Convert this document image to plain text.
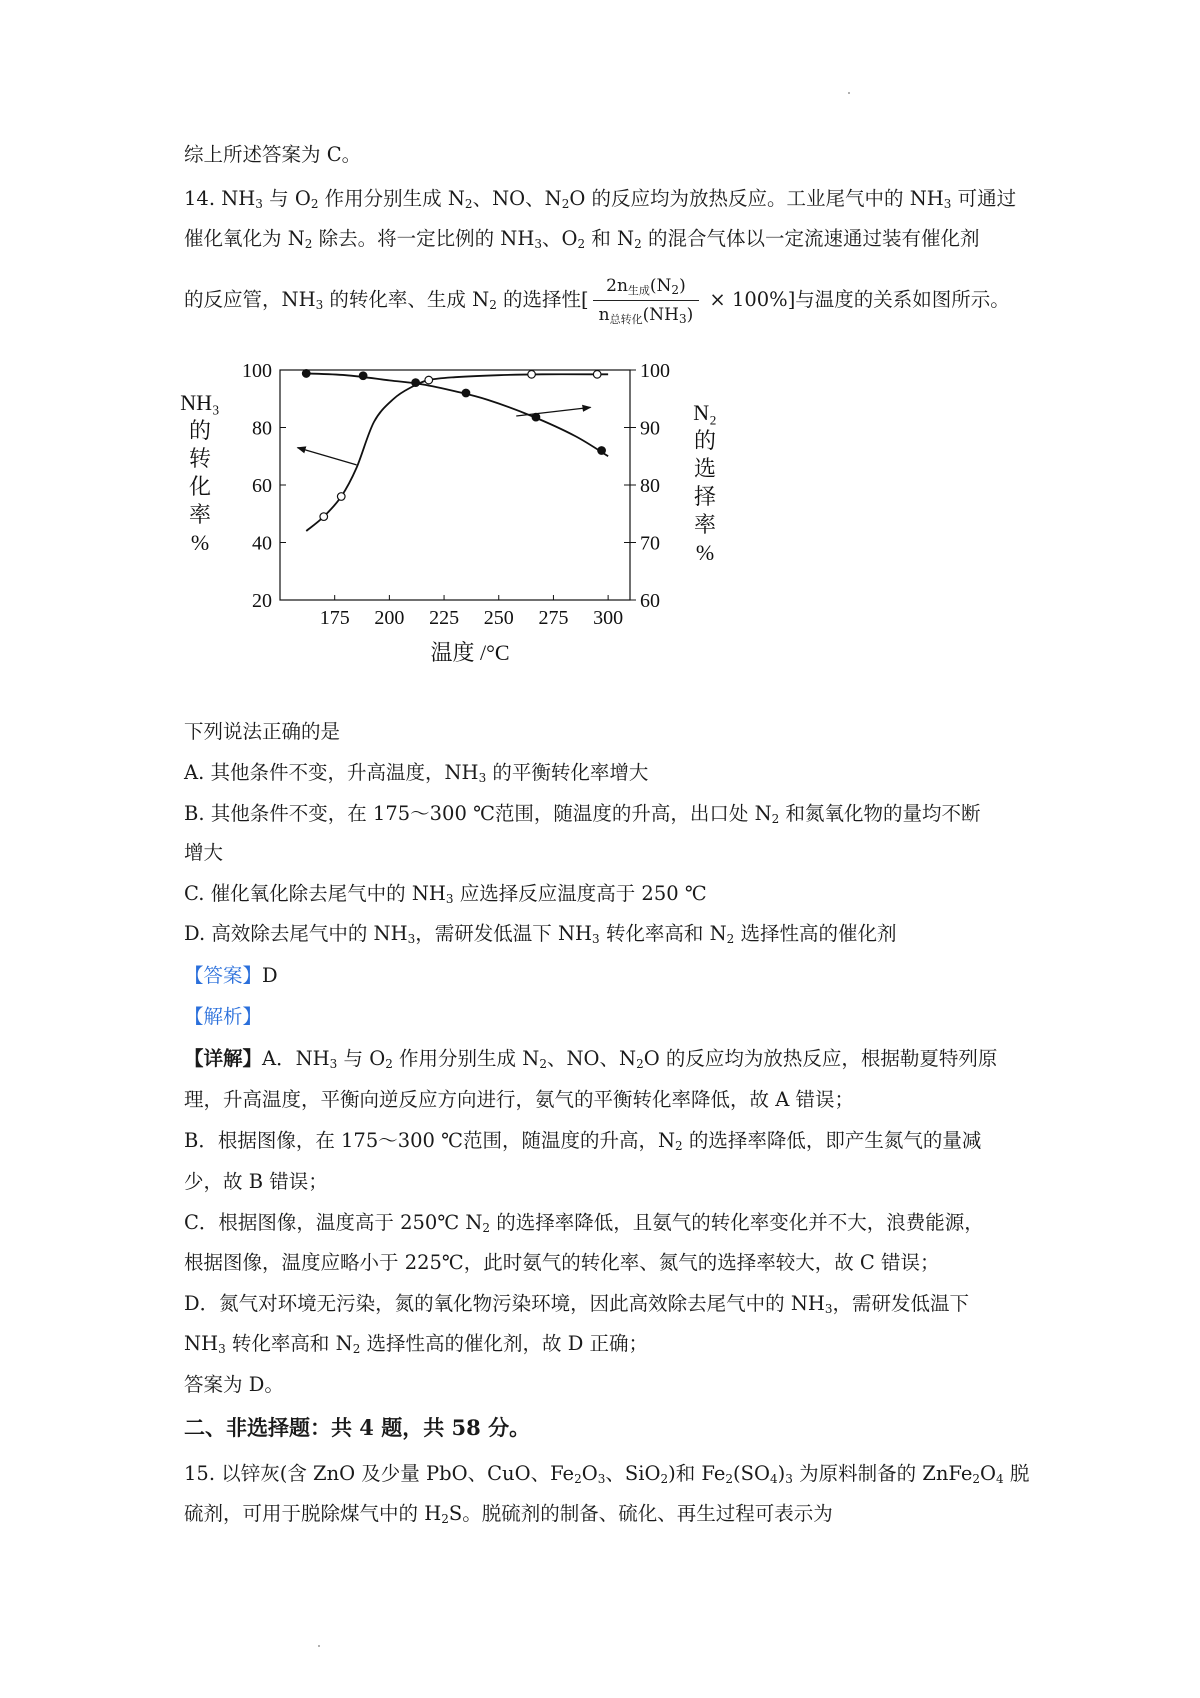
综上所述答案为 C。
14. $NH_3$ 与 $O_2$ 作用分别生成 $N_2$、NO、$N_2O$ 的反应均为放热反应。工业尾气中的 $NH_3$ 可通过
催化氧化为 $N_2$ 除去。将一定比例的 $NH_3$、$O_2$ 和 $N_2$ 的混合气体以一定流速通过装有催化剂
的反应管，$NH_3$ 的转化率、生成 $N_2$ 的选择性[ $\frac{2n_{生成}(N_2)}{n_{总转化}(NH_3)} \times 100\%$]与温度的关系如图所示。
175 200 225 250 275 300
20
40
60
80
100
60
70
80
90
100
温度 /°C
NH₃
的
转
化
率
%
N₂
的
选
择
率
%
下列说法正确的是
A. 其他条件不变，升高温度，$NH_3$ 的平衡转化率增大
B. 其他条件不变，在 175～300 ℃范围，随温度的升高，出口处 $N_2$ 和氮氧化物的量均不断
增大
C. 催化氧化除去尾气中的 $NH_3$ 应选择反应温度高于 250 ℃
D. 高效除去尾气中的 $NH_3$，需研发低温下 $NH_3$ 转化率高和 $N_2$ 选择性高的催化剂
【答案】D
【解析】
【详解】A．$NH_3$ 与 $O_2$ 作用分别生成 $N_2$、NO、$N_2O$ 的反应均为放热反应，根据勒夏特列原
理，升高温度，平衡向逆反应方向进行，氨气的平衡转化率降低，故 A 错误；
B．根据图像，在 175～300 ℃范围，随温度的升高，$N_2$ 的选择率降低，即产生氮气的量减
少，故 B 错误；
C．根据图像，温度高于 250℃ $N_2$ 的选择率降低，且氨气的转化率变化并不大，浪费能源，
根据图像，温度应略小于 225℃，此时氨气的转化率、氮气的选择率较大，故 C 错误；
D．氮气对环境无污染，氮的氧化物污染环境，因此高效除去尾气中的 $NH_3$，需研发低温下
$NH_3$ 转化率高和 $N_2$ 选择性高的催化剂，故 D 正确；
答案为 D。
二、非选择题：共 4 题，共 58 分。
15. 以锌灰(含 ZnO 及少量 PbO、CuO、$Fe_2O_3$、SiO$_2$)和 $Fe_2(SO_4)_3$ 为原料制备的 $ZnFe_2O_4$ 脱
硫剂，可用于脱除煤气中的 $H_2S$。脱硫剂的制备、硫化、再生过程可表示为
